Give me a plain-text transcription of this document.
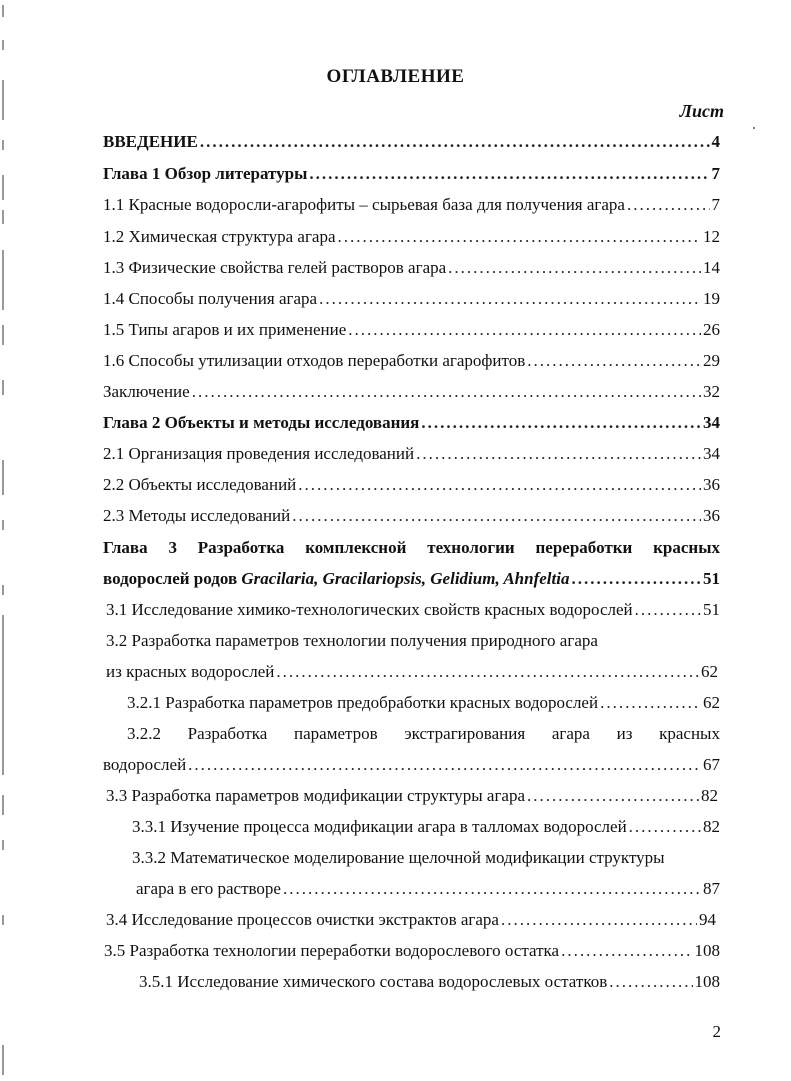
ОГЛАВЛЕНИЕ
Лист
ВВЕДЕНИЕ .....	4
Глава 1 Обзор литературы .....	7
1.1 Красные водоросли-агарофиты – сырьевая база для получения агара .....	7
1.2 Химическая структура агара .....	12
1.3 Физические свойства гелей растворов агара .....	14
1.4 Способы получения агара .....	19
1.5 Типы агаров и их применение .....	26
1.6 Способы утилизации отходов переработки агарофитов .....	29
Заключение .....	32
Глава 2 Объекты и методы исследования .....	34
2.1 Организация проведения исследований .....	34
2.2 Объекты исследований .....	36
2.3 Методы исследований .....	36
Глава 3 Разработка комплексной технологии переработки красных
водорослей родов Gracilaria, Gracilariopsis, Gelidium, Ahnfeltia .....	51
3.1 Исследование химико-технологических свойств красных водорослей .....	51
3.2 Разработка параметров технологии получения природного агара
из красных водорослей .....	62
3.2.1 Разработка параметров предобработки красных водорослей .....	62
3.2.2 Разработка параметров экстрагирования агара из красных
водорослей .....	67
3.3 Разработка параметров модификации структуры агара .....	82
3.3.1 Изучение процесса модификации агара в талломах водорослей .....	82
3.3.2 Математическое моделирование щелочной модификации структуры
агара в его растворе .....	87
3.4 Исследование процессов очистки экстрактов агара .....	94
3.5 Разработка технологии переработки водорослевого остатка .....	108
3.5.1 Исследование химического состава водорослевых остатков .....	108
2
